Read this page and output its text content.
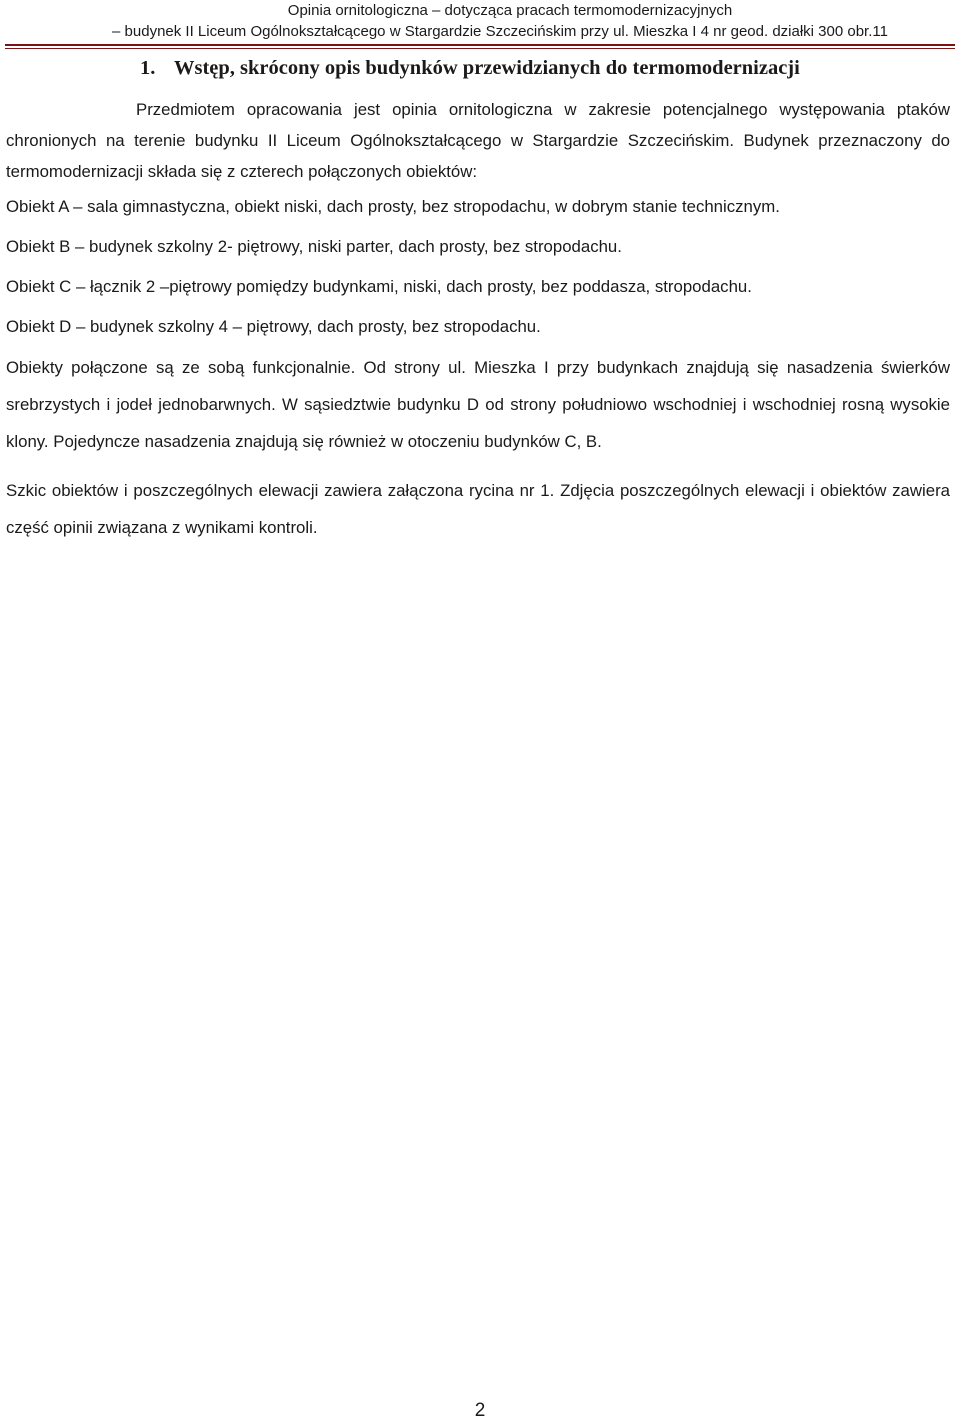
Opinia ornitologiczna – dotycząca pracach termomodernizacyjnych
– budynek II Liceum Ogólnokształcącego w Stargardzie Szczecińskim przy ul. Mieszka I 4 nr geod. działki 300 obr.11
1. Wstęp, skrócony opis budynków przewidzianych do termomodernizacji

Przedmiotem opracowania jest opinia ornitologiczna w zakresie potencjalnego występowania ptaków chronionych na terenie budynku II Liceum Ogólnokształcącego w Stargardzie Szczecińskim. Budynek przeznaczony do termomodernizacji składa się z czterech połączonych obiektów:

Obiekt A – sala gimnastyczna, obiekt niski, dach prosty, bez stropodachu, w dobrym stanie technicznym.

Obiekt B – budynek szkolny 2- piętrowy, niski parter, dach prosty, bez stropodachu.

Obiekt C – łącznik 2 –piętrowy pomiędzy budynkami, niski, dach prosty, bez poddasza, stropodachu.

Obiekt D – budynek szkolny 4 – piętrowy, dach prosty, bez stropodachu.

Obiekty połączone są ze sobą funkcjonalnie. Od strony ul. Mieszka I przy budynkach znajdują się nasadzenia świerków srebrzystych i jodeł jednobarwnych. W sąsiedztwie budynku D od strony południowo wschodniej i wschodniej rosną wysokie klony. Pojedyncze nasadzenia znajdują się również w otoczeniu budynków C, B.

Szkic obiektów i poszczególnych elewacji zawiera załączona rycina nr 1. Zdjęcia poszczególnych elewacji i obiektów zawiera część opinii związana z wynikami kontroli.

2
